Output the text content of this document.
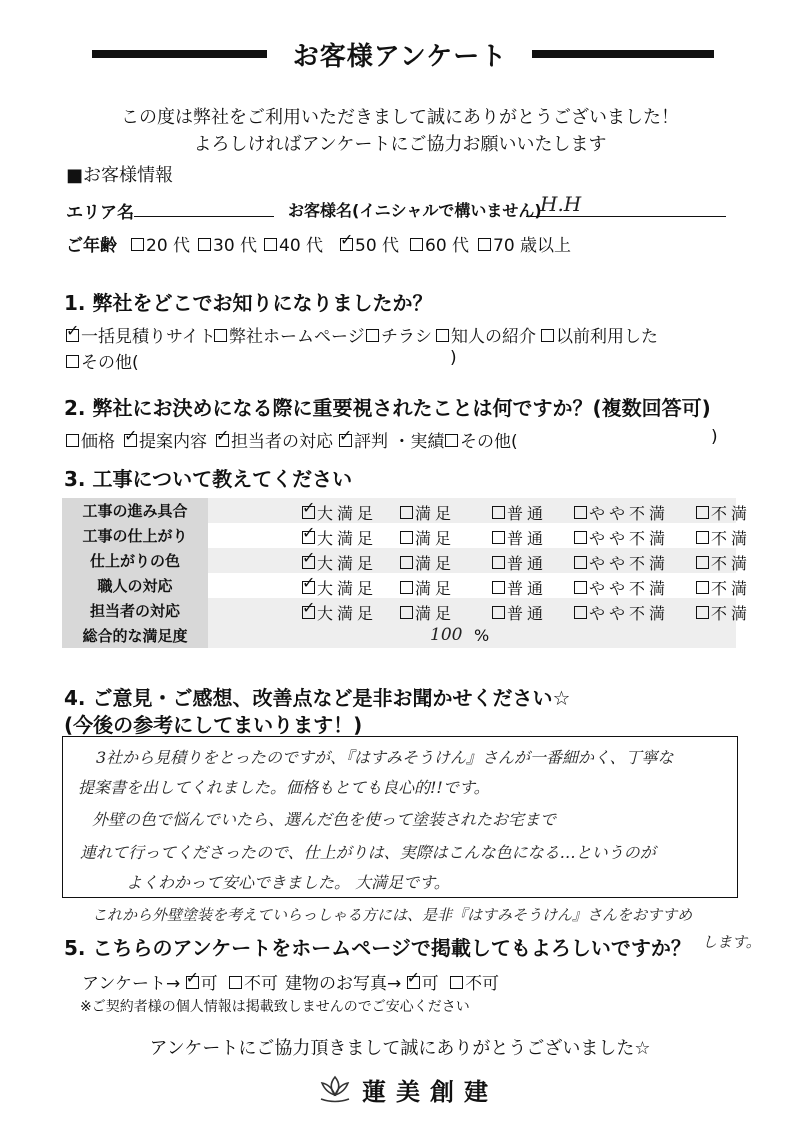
お客様アンケート
この度は弊社をご利用いただきまして誠にありがとうございました！
よろしければアンケートにご協力お願いいたします
■お客様情報
エリア名	お客様名(イニシャルで構いません)
H.H
ご年齢	20 代	30 代	40 代 ✓	50 代	60 代	70 歳以上
1. 弊社をどこでお知りになりましたか？
✓一括見積りサイト 弊社ホームページ チラシ	知人の紹介	以前利用した
その他(	)
2. 弊社にお決めになる際に重要視されたことは何ですか？(複数回答可)
価格 ✓	提案内容 ✓	担当者の対応 ✓	評判 ・実績 その他(	)
3. 工事について教えてください
工事の進み具合	
✓大満足 満足 普通 やや不満 不満

工事の仕上がり	
✓大満足 満足 普通 やや不満 不満

仕上がりの色	
✓大満足 満足 普通 やや不満 不満

職人の対応	
✓大満足 満足 普通 やや不満 不満

担当者の対応	
✓大満足 満足 普通 やや不満 不満

総合的な満足度	100 %
4. ご意見・ご感想、改善点など是非お聞かせください☆
(今後の参考にしてまいります！)
3社から見積りをとったのですが、『はすみそうけん』さんが一番細かく、丁寧な
提案書を出してくれました。価格もとても良心的!!です。
外壁の色で悩んでいたら、選んだ色を使って塗装されたお宅まで
連れて行ってくださったので、仕上がりは、実際はこんな色になる…というのが
よくわかって安心できました。 大満足です。
これから外壁塗装を考えていらっしゃる方には、是非『はすみそうけん』さんをおすすめ
します。
5. こちらのアンケートをホームページで掲載してもよろしいですか？
アンケート→ ✓ 可 不可 建物のお写真→ ✓ 可 不可
※ご契約者様の個人情報は掲載致しませんのでご安心ください
アンケートにご協力頂きまして誠にありがとうございました☆
蓮美創建
